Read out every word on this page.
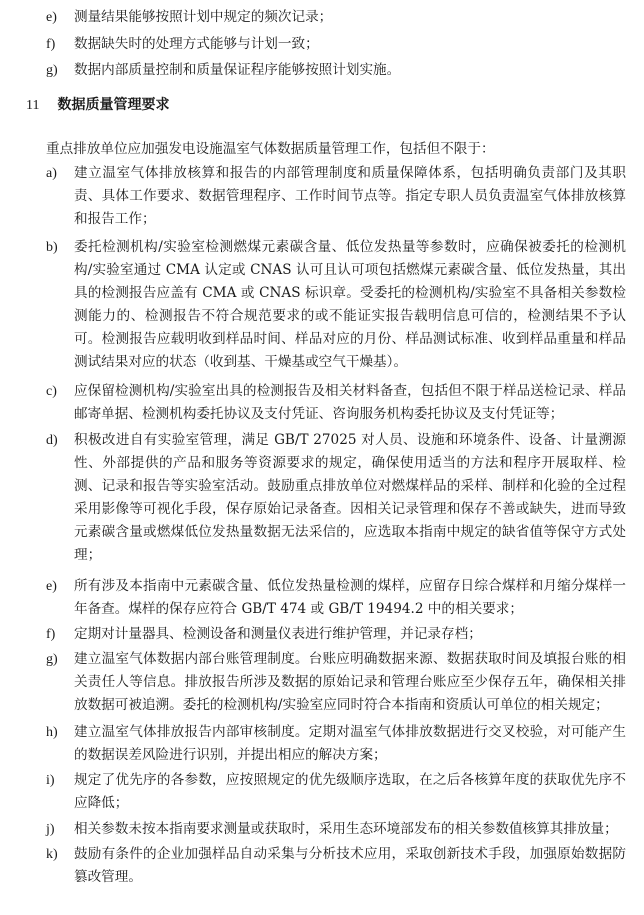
e)	测量结果能够按照计划中规定的频次记录；
f)	数据缺失时的处理方式能够与计划一致；
g)	数据内部质量控制和质量保证程序能够按照计划实施。
11 数据质量管理要求
重点排放单位应加强发电设施温室气体数据质量管理工作，包括但不限于：
a)	建立温室气体排放核算和报告的内部管理制度和质量保障体系，包括明确负责部门及其职责、具体工作要求、数据管理程序、工作时间节点等。指定专职人员负责温室气体排放核算和报告工作；
b)	委托检测机构/实验室检测燃煤元素碳含量、低位发热量等参数时，应确保被委托的检测机构/实验室通过 CMA 认定或 CNAS 认可且认可项包括燃煤元素碳含量、低位发热量，其出具的检测报告应盖有 CMA 或 CNAS 标识章。受委托的检测机构/实验室不具备相关参数检测能力的、检测报告不符合规范要求的或不能证实报告载明信息可信的，检测结果不予认可。检测报告应载明收到样品时间、样品对应的月份、样品测试标准、收到样品重量和样品测试结果对应的状态（收到基、干燥基或空气干燥基）。
c)	应保留检测机构/实验室出具的检测报告及相关材料备查，包括但不限于样品送检记录、样品邮寄单据、检测机构委托协议及支付凭证、咨询服务机构委托协议及支付凭证等；
d)	积极改进自有实验室管理，满足 GB/T 27025 对人员、设施和环境条件、设备、计量溯源性、外部提供的产品和服务等资源要求的规定，确保使用适当的方法和程序开展取样、检测、记录和报告等实验室活动。鼓励重点排放单位对燃煤样品的采样、制样和化验的全过程采用影像等可视化手段，保存原始记录备查。因相关记录管理和保存不善或缺失，进而导致元素碳含量或燃煤低位发热量数据无法采信的，应选取本指南中规定的缺省值等保守方式处理；
e)	所有涉及本指南中元素碳含量、低位发热量检测的煤样，应留存日综合煤样和月缩分煤样一年备查。煤样的保存应符合 GB/T 474 或 GB/T 19494.2 中的相关要求；
f)	定期对计量器具、检测设备和测量仪表进行维护管理，并记录存档；
g)	建立温室气体数据内部台账管理制度。台账应明确数据来源、数据获取时间及填报台账的相关责任人等信息。排放报告所涉及数据的原始记录和管理台账应至少保存五年，确保相关排放数据可被追溯。委托的检测机构/实验室应同时符合本指南和资质认可单位的相关规定；
h)	建立温室气体排放报告内部审核制度。定期对温室气体排放数据进行交叉校验，对可能产生的数据误差风险进行识别，并提出相应的解决方案；
i)	规定了优先序的各参数，应按照规定的优先级顺序选取，在之后各核算年度的获取优先序不应降低；
j)	相关参数未按本指南要求测量或获取时，采用生态环境部发布的相关参数值核算其排放量；
k)	鼓励有条件的企业加强样品自动采集与分析技术应用，采取创新技术手段，加强原始数据防篡改管理。
